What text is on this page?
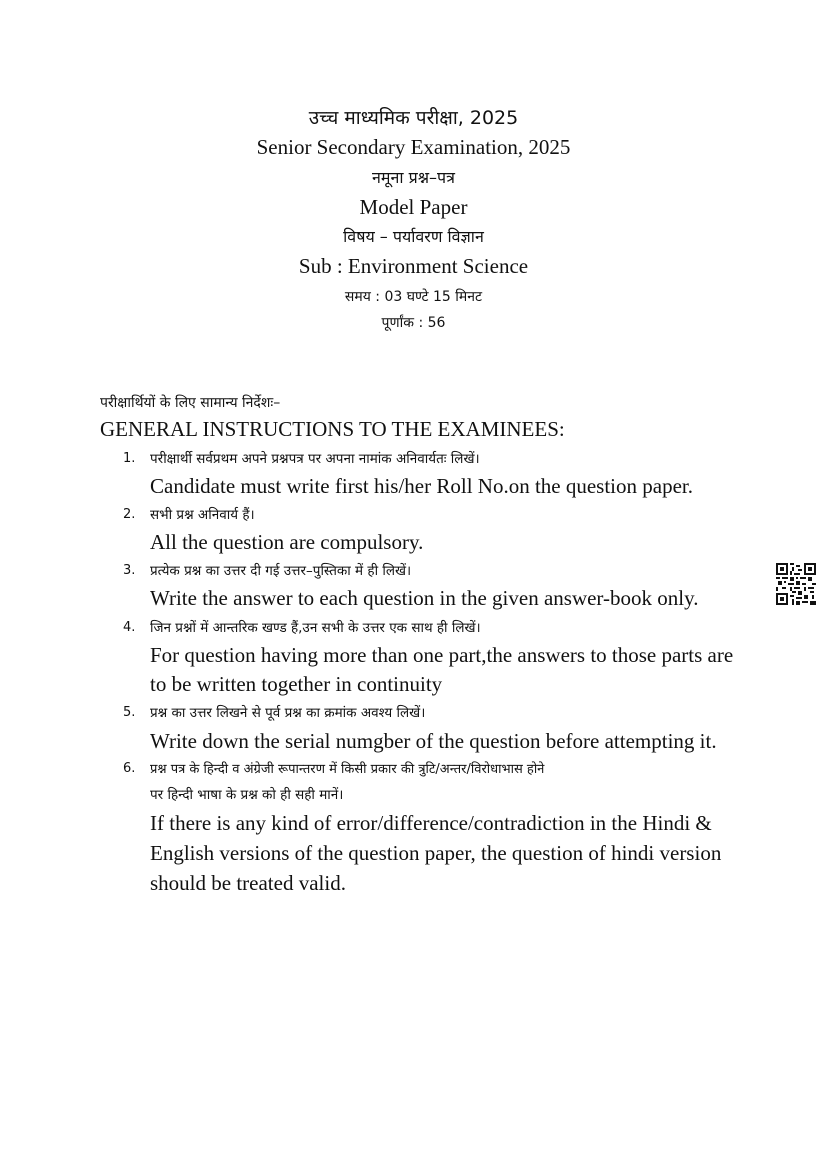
उच्च माध्यमिक परीक्षा, 2025
Senior Secondary Examination, 2025
नमूना प्रश्न–पत्र
Model Paper
विषय – पर्यावरण विज्ञान
Sub : Environment Science
समय : 03 घण्टे 15 मिनट
पूर्णांक : 56
परीक्षार्थियों के लिए सामान्य निर्देशः–
GENERAL INSTRUCTIONS TO THE EXAMINEES:
1. परीक्षार्थी सर्वप्रथम अपने प्रश्नपत्र पर अपना नामांक अनिवार्यतः लिखें।
Candidate must write first his/her Roll No.on the question paper.
2. सभी प्रश्न अनिवार्य हैं।
All the question are compulsory.
3. प्रत्येक प्रश्न का उत्तर दी गई उत्तर–पुस्तिका में ही लिखें।
Write the answer to each question in the given answer-book only.
4. जिन प्रश्नों में आन्तरिक खण्ड हैं,उन सभी के उत्तर एक साथ ही लिखें।
For question having more than one part,the answers to those parts are
to be written together in continuity
5. प्रश्न का उत्तर लिखने से पूर्व प्रश्न का क्रमांक अवश्य लिखें।
Write down the serial numgber of the question before attempting it.
6. प्रश्न पत्र के हिन्दी व अंग्रेजी रूपान्तरण में किसी प्रकार की त्रुटि/अन्तर/विरोधाभास होने
पर हिन्दी भाषा के प्रश्न को ही सही मानें।
If there is any kind of error/difference/contradiction in the Hindi &
English versions of the question paper, the question of hindi version
should be treated valid.
